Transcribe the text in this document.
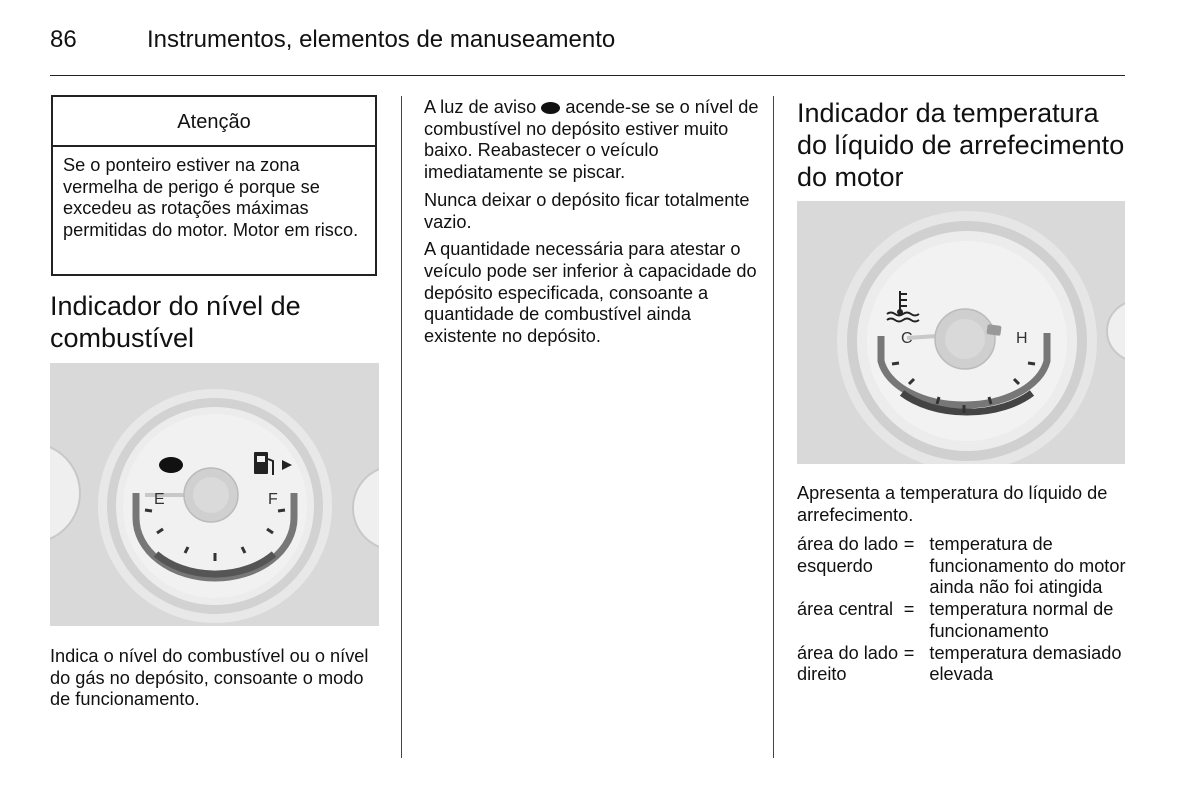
86	Instrumentos, elementos de manuseamento
Atenção
Se o ponteiro estiver na zona vermelha de perigo é porque se excedeu as rotações máximas permitidas do motor. Motor em risco.
Indicador do nível de combustível
E	F
Indica o nível do combustível ou o nível do gás no depósito, consoante o modo de funcionamento.

A luz de aviso acende-se se o nível de combustível no depósito estiver muito baixo. Reabastecer o veículo imediatamente se piscar.

Nunca deixar o depósito ficar totalmente vazio.

A quantidade necessária para atestar o veículo pode ser inferior à capacidade do depósito especificada, consoante a quantidade de combustível ainda existente no depósito.

Indicador da temperatura do líquido de arrefecimento do motor
C	H
Apresenta a temperatura do líquido de arrefecimento.
área do lado esquerdo
= temperatura de funcionamento do motor ainda não foi atingida
área central = temperatura normal de funcionamento
área do lado direito
= temperatura demasiado elevada
